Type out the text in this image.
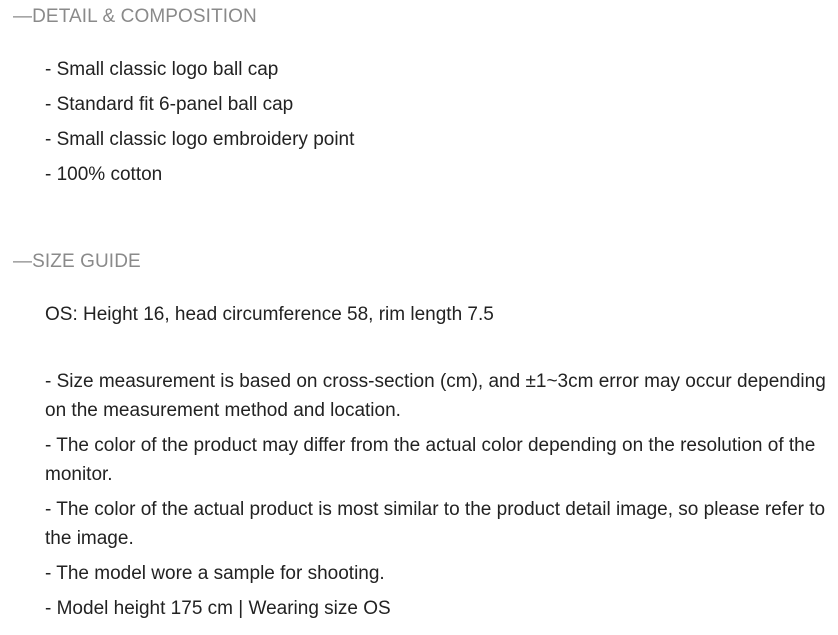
—DETAIL & COMPOSITION
- Small classic logo ball cap
- Standard fit 6-panel ball cap
- Small classic logo embroidery point
- 100% cotton
—SIZE GUIDE
OS: Height 16, head circumference 58, rim length 7.5
- Size measurement is based on cross-section (cm), and ±1~3cm error may occur depending on the measurement method and location.
- The color of the product may differ from the actual color depending on the resolution of the monitor.
- The color of the actual product is most similar to the product detail image, so please refer to the image.
- The model wore a sample for shooting.
- Model height 175 cm | Wearing size OS
